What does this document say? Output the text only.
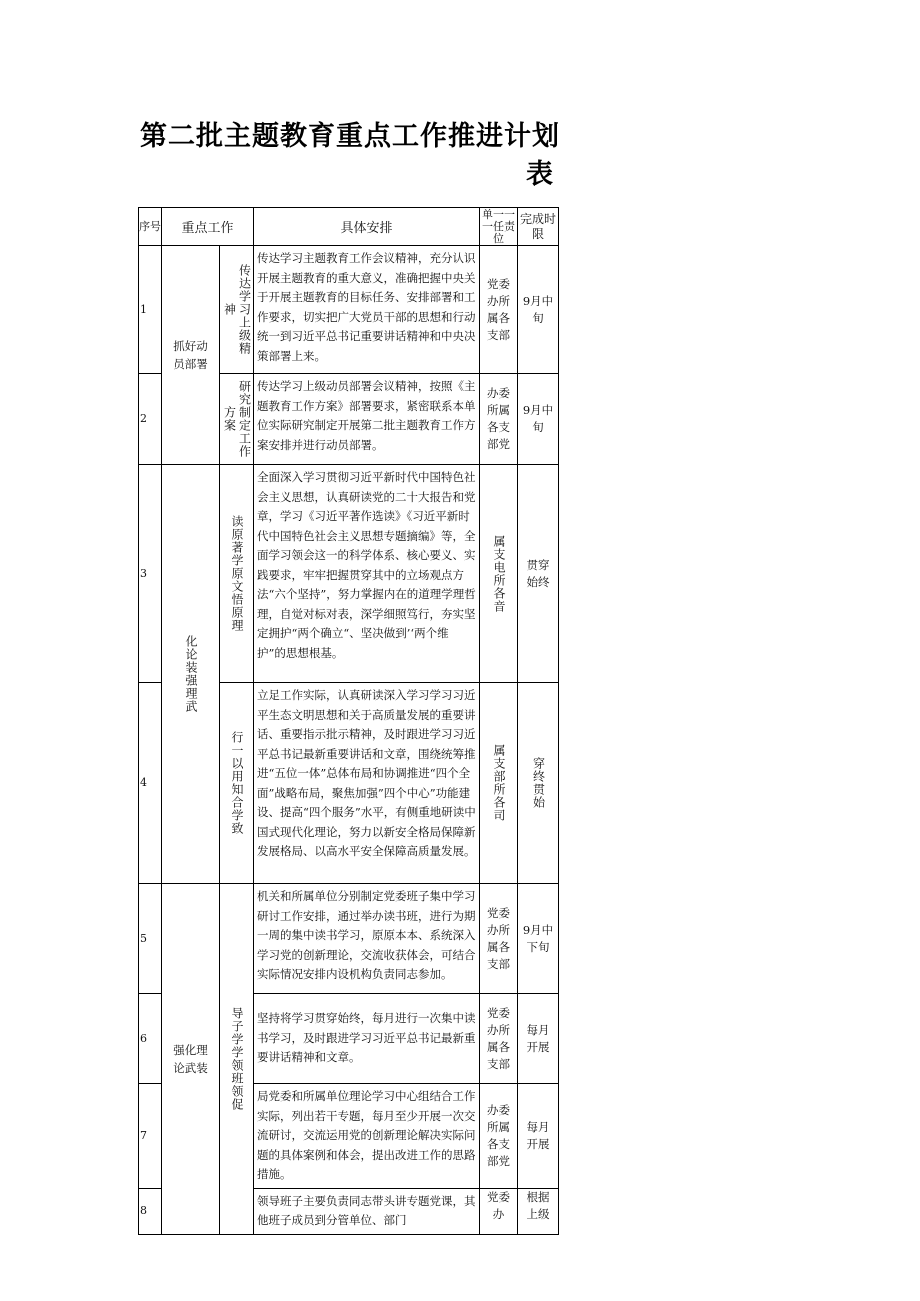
第二批主题教育重点工作推进计划
表
序号	重点工作		具体安排	单一一一任责位	完成时限
1	抓好动员部署	传达学习上级精神	传达学习主题教育工作会议精神，充分认识开展主题教育的重大意义，准确把握中央关于开展主题教育的目标任务、安排部署和工作要求，切实把广大党员干部的思想和行动统一到习近平总书记重要讲话精神和中央决策部署上来。	党委办所属各支部	9月中旬
2		研究制定工作方案	传达学习上级动员部署会议精神，按照《主题教育工作方案》部署要求，紧密联系本单位实际研究制定开展第二批主题教育工作方案安排并进行动员部署。	办委所属各支部党	9月中旬
3	化论装强理武	读原著学原文悟原理	全面深入学习贯彻习近平新时代中国特色社会主义思想，认真研读党的二十大报告和党章，学习《习近平著作选读》《习近平新时代中国特色社会主义思想专题摘编》等，全面学习领会这一的科学体系、核心要义、实践要求，牢牢把握贯穿其中的立场观点方法“六个坚持”，努力掌握内在的道理学理哲理，自觉对标对表，深学细照笃行，夯实坚定拥护“两个确立“、坚决做到’‘两个维护”的思想根基。	属支电所各音	贯穿始终
4		行一以用知合学致	立足工作实际，认真研读深入学习学习习近平生态文明思想和关于高质量发展的重要讲话、重要指示批示精神，及时跟进学习习近平总书记最新重要讲话和文章，围绕统筹推进“五位一体”总体布局和协调推进“四个全面”战略布局，聚焦加强”四个中心”功能建设、提高“四个服务”水平，有侧重地研读中国式现代化理论，努力以新安全格局保障新发展格局、以高水平安全保障高质量发展。	属支部所各司	穿终贯始

5	强化理论武装	导子学学领班领促	机关和所属单位分别制定党委班子集中学习研讨工作安排，通过举办读书班，进行为期一周的集中读书学习，原原本本、系统深入学习党的创新理论，交流收获体会，可结合实际情况安排内设机构负责同志参加。	党委办所属各支部	9月中下旬
6			坚持将学习贯穿始终，每月进行一次集中读书学习，及时跟进学习习近平总书记最新重要讲话精神和文章。	党委办所属各支部	每月开展
7			局党委和所属单位理论学习中心组结合工作实际，列出若干专题，每月至少开展一次交流研讨，交流运用党的创新理论解决实际问题的具体案例和体会，提出改进工作的思路措施。	办委所属各支部党	每月开展
8			领导班子主要负责同志带头讲专题党课，其他班子成员到分管单位、部门	党委办	根据上级
